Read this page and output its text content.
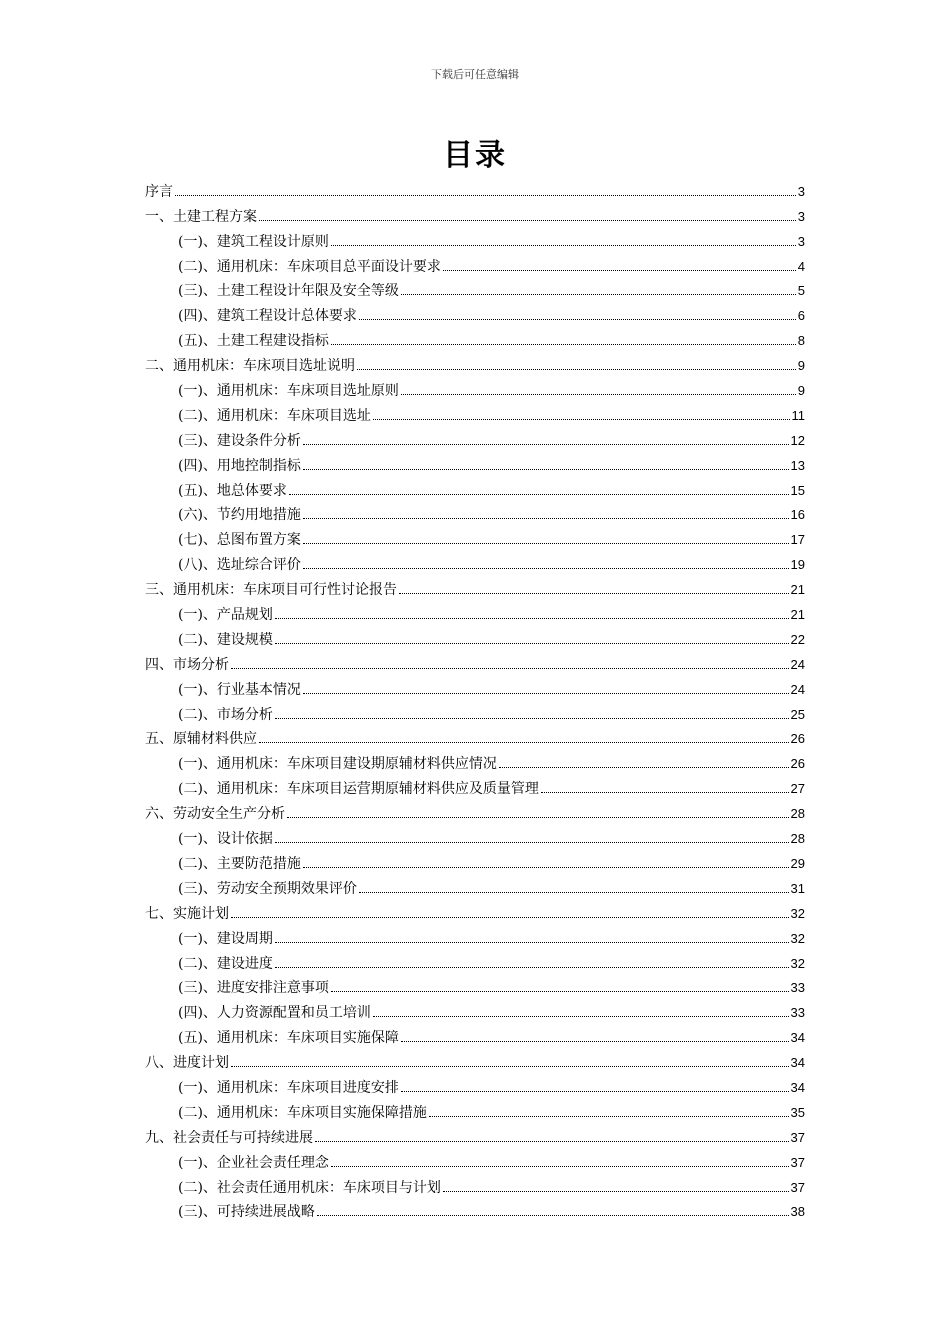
下载后可任意编辑
目录
序言	3
一、土建工程方案	3
(一)、建筑工程设计原则	3
(二)、通用机床：车床项目总平面设计要求	4
(三)、土建工程设计年限及安全等级	5
(四)、建筑工程设计总体要求	6
(五)、土建工程建设指标	8
二、通用机床：车床项目选址说明	9
(一)、通用机床：车床项目选址原则	9
(二)、通用机床：车床项目选址	11
(三)、建设条件分析	12
(四)、用地控制指标	13
(五)、地总体要求	15
(六)、节约用地措施	16
(七)、总图布置方案	17
(八)、选址综合评价	19
三、通用机床：车床项目可行性讨论报告	21
(一)、产品规划	21
(二)、建设规模	22
四、市场分析	24
(一)、行业基本情况	24
(二)、市场分析	25
五、原辅材料供应	26
(一)、通用机床：车床项目建设期原辅材料供应情况	26
(二)、通用机床：车床项目运营期原辅材料供应及质量管理	27
六、劳动安全生产分析	28
(一)、设计依据	28
(二)、主要防范措施	29
(三)、劳动安全预期效果评价	31
七、实施计划	32
(一)、建设周期	32
(二)、建设进度	32
(三)、进度安排注意事项	33
(四)、人力资源配置和员工培训	33
(五)、通用机床：车床项目实施保障	34
八、进度计划	34
(一)、通用机床：车床项目进度安排	34
(二)、通用机床：车床项目实施保障措施	35
九、社会责任与可持续进展	37
(一)、企业社会责任理念	37
(二)、社会责任通用机床：车床项目与计划	37
(三)、可持续进展战略	38
